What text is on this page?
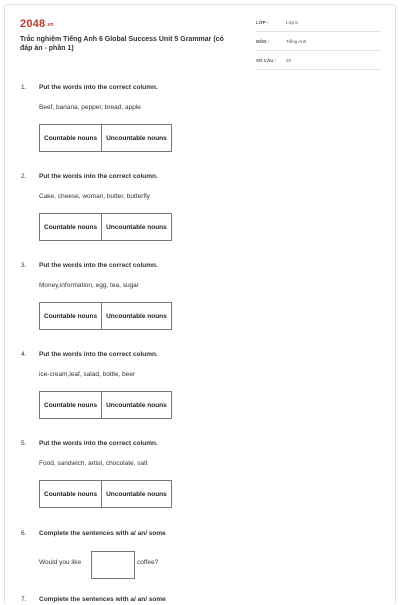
2048.vn
Trắc nghiệm Tiếng Anh 6 Global Success Unit 5 Grammar (có đáp án - phần 1)
LỚP :	Lớp 6
MÔN :	Tiếng Anh
SỐ CÂU : 20
1. Put the words into the correct column.
Beef, banana, pepper, bread, apple
Countable nouns	Uncountable nouns
2. Put the words into the correct column.
Cake, cheese, woman, butter, butterfly
Countable nouns	Uncountable nouns
3. Put the words into the correct column.
Money,information, egg, tea, sugar
Countable nouns	Uncountable nouns
4. Put the words into the correct column.
ice-cream,leaf, salad, bottle, beer
Countable nouns	Uncountable nouns
5. Put the words into the correct column.
Food, sandwich, artist, chocolate, salt
Countable nouns	Uncountable nouns
6. Complete the sentences with a/ an/ some
Would you like	coffee?
7. Complete the sentences with a/ an/ some
